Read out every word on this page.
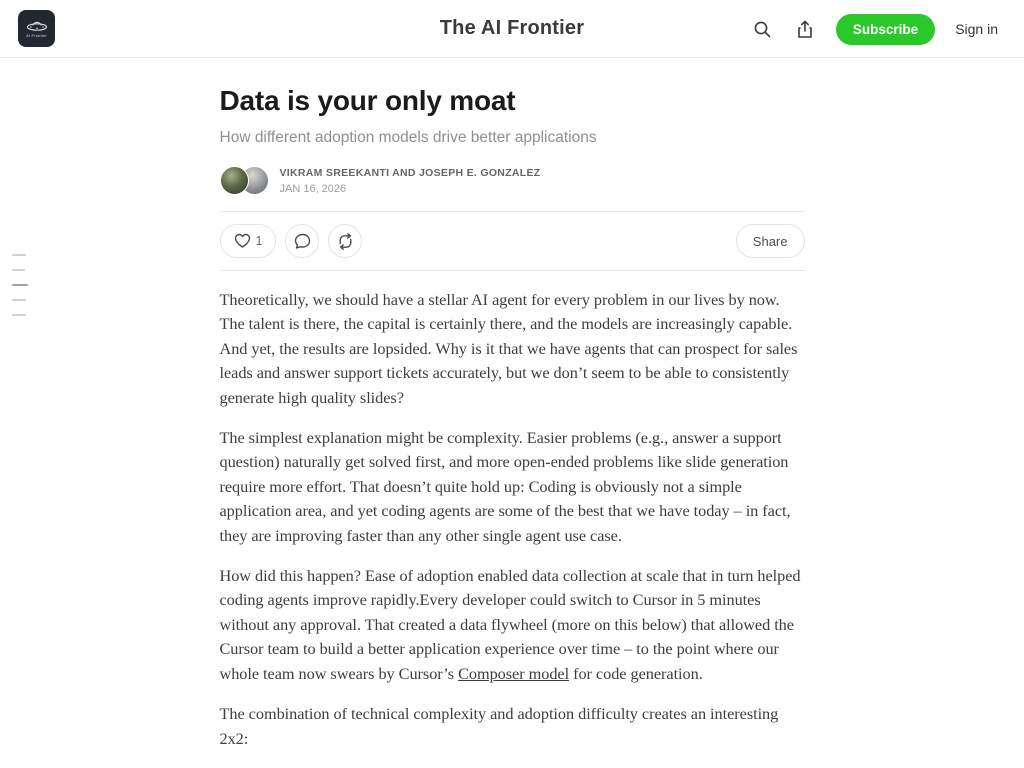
AI Frontier	The AI Frontier	Subscribe	Sign in
Data is your only moat
How different adoption models drive better applications
VIKRAM SREEKANTI AND JOSEPH E. GONZALEZ
JAN 16, 2026
1	Share

Theoretically, we should have a stellar AI agent for every problem in our lives by now. The talent is there, the capital is certainly there, and the models are increasingly capable. And yet, the results are lopsided. Why is it that we have agents that can prospect for sales leads and answer support tickets accurately, but we don’t seem to be able to consistently generate high quality slides?

The simplest explanation might be complexity. Easier problems (e.g., answer a support question) naturally get solved first, and more open-ended problems like slide generation require more effort. That doesn’t quite hold up: Coding is obviously not a simple application area, and yet coding agents are some of the best that we have today – in fact, they are improving faster than any other single agent use case.

How did this happen? Ease of adoption enabled data collection at scale that in turn helped coding agents improve rapidly.Every developer could switch to Cursor in 5 minutes without any approval. That created a data flywheel (more on this below) that allowed the Cursor team to build a better application experience over time – to the point where our whole team now swears by Cursor’s Composer model for code generation.

The combination of technical complexity and adoption difficulty creates an interesting 2x2:
